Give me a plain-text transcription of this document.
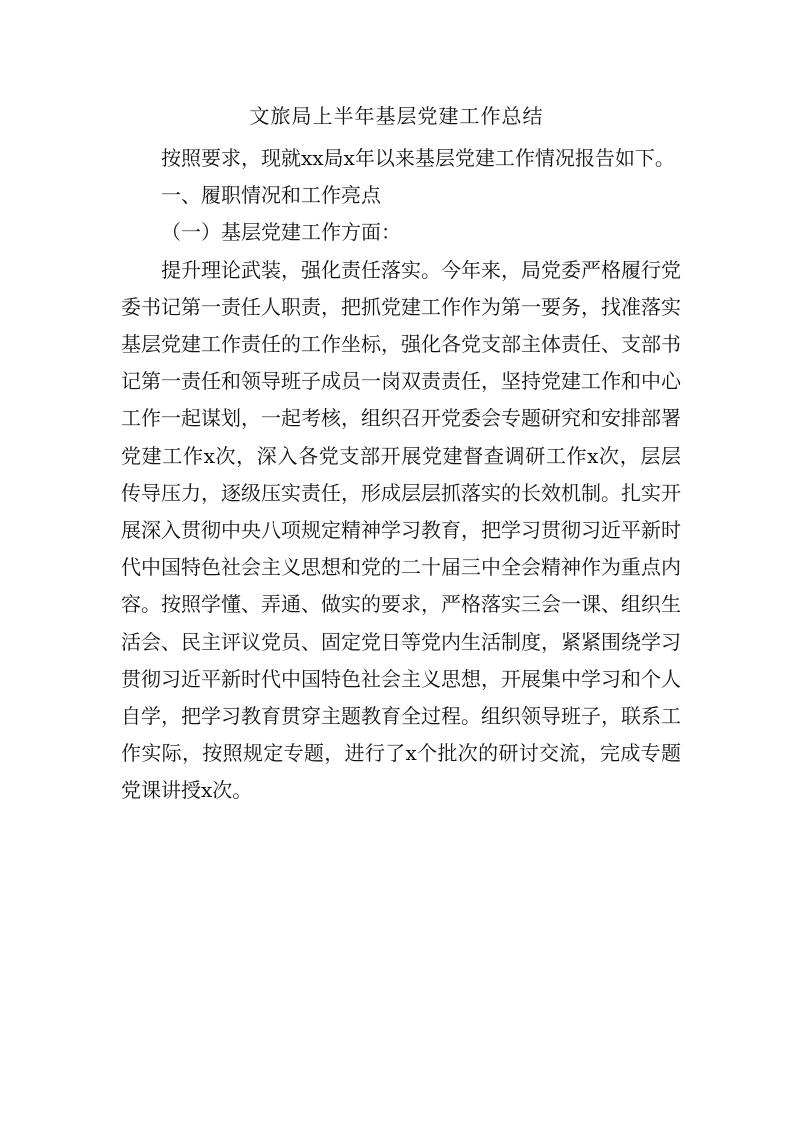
文旅局上半年基层党建工作总结

按照要求，现就xx局x年以来基层党建工作情况报告如下。

一、履职情况和工作亮点

（一）基层党建工作方面：

提升理论武装，强化责任落实。今年来，局党委严格履行党委书记第一责任人职责，把抓党建工作作为第一要务，找准落实基层党建工作责任的工作坐标，强化各党支部主体责任、支部书记第一责任和领导班子成员一岗双责责任，坚持党建工作和中心工作一起谋划，一起考核，组织召开党委会专题研究和安排部署党建工作x次，深入各党支部开展党建督查调研工作x次，层层传导压力，逐级压实责任，形成层层抓落实的长效机制。扎实开展深入贯彻中央八项规定精神学习教育，把学习贯彻习近平新时代中国特色社会主义思想和党的二十届三中全会精神作为重点内容。按照学懂、弄通、做实的要求，严格落实三会一课、组织生活会、民主评议党员、固定党日等党内生活制度，紧紧围绕学习贯彻习近平新时代中国特色社会主义思想，开展集中学习和个人自学，把学习教育贯穿主题教育全过程。组织领导班子，联系工作实际，按照规定专题，进行了x个批次的研讨交流，完成专题党课讲授x次。
